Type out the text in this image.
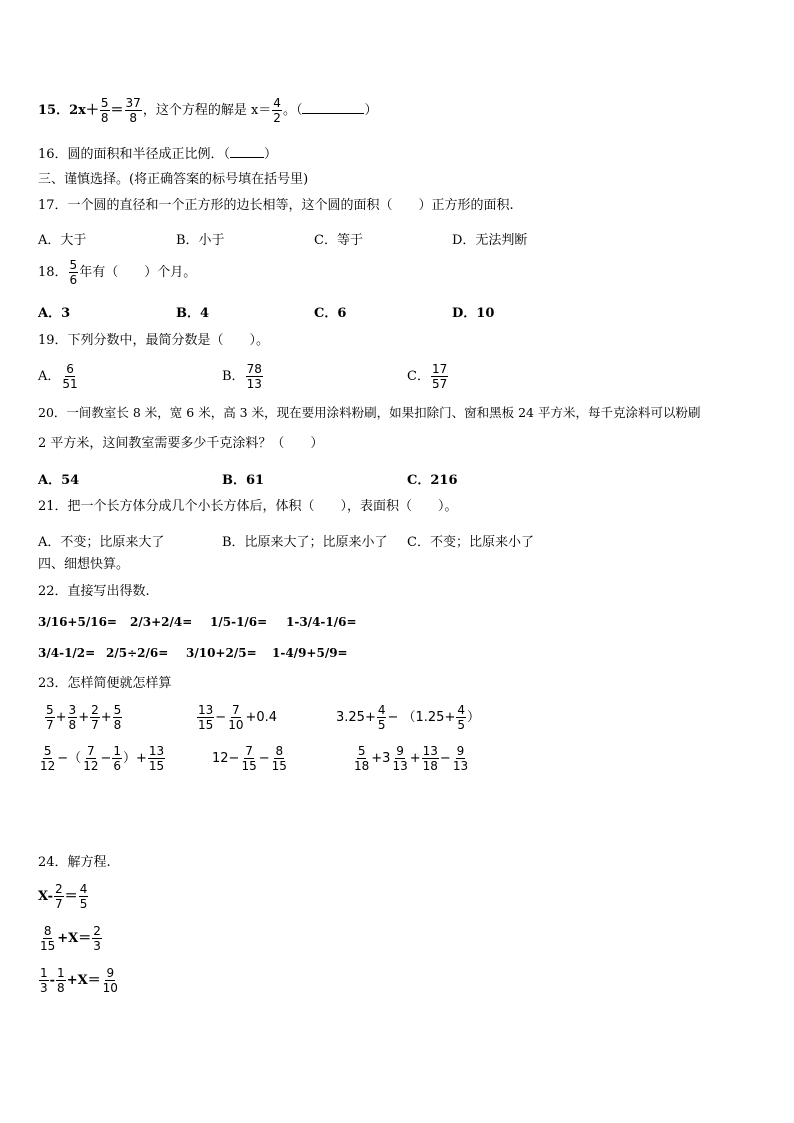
15．$2x+ \frac{5}{8} = \frac{37}{8}$ ，这个方程的解是 $x= \frac{4}{2}$ 。（	）
16．圆的面积和半径成正比例．（	）
三、谨慎选择。(将正确答案的标号填在括号里)
17．一个圆的直径和一个正方形的边长相等，这个圆的面积（　　）正方形的面积.
A．大于	B．小于	C．等于	D．无法判断
18． $\frac{5}{6}$ 年有（　　）个月。
A．3	B．4	C．6	D．10
19．下列分数中，最简分数是（　　）。
A． $\frac{6}{51}$	B． $\frac{78}{13}$	C． $\frac{17}{57}$
20．一间教室长 8 米，宽 6 米，高 3 米，现在要用涂料粉刷，如果扣除门、窗和黑板 24 平方米，每千克涂料可以粉刷
2 平方米，这间教室需要多少千克涂料？（　　）
A．54	B．61	C．216
21．把一个长方体分成几个小长方体后，体积（　　），表面积（　　）。
A．不变；比原来大了	B．比原来大了；比原来小了 C．不变；比原来小了
四、细想快算。
22．直接写出得数.
3/16+5/16= 2/3+2/4= 1/5-1/6= 1-3/4-1/6=
3/4-1/2= 2/5÷2/6= 3/10+2/5= 1-4/9+5/9=
23．怎样简便就怎样算
$\frac{5}{7} + \frac{3}{8} + \frac{2}{7} + \frac{5}{8}$	$\frac{13}{15} - \frac{7}{10} +0.4$	$3.25+ \frac{4}{5} - (1.25+ \frac{4}{5}$ ）
$\frac{5}{12}$ −（ $\frac{7}{12} - \frac{1}{6}$ ）+ $\frac{13}{15}$	$12- \frac{7}{15} - \frac{8}{15}$	$\frac{5}{18} +3 \frac{9}{13} + \frac{13}{18} - \frac{9}{13}$
24．解方程.
$X- \frac{2}{7} = \frac{4}{5}$
$\frac{8}{15} +X= \frac{2}{3}$
$\frac{1}{3} - \frac{1}{8} +X= \frac{9}{10}$
